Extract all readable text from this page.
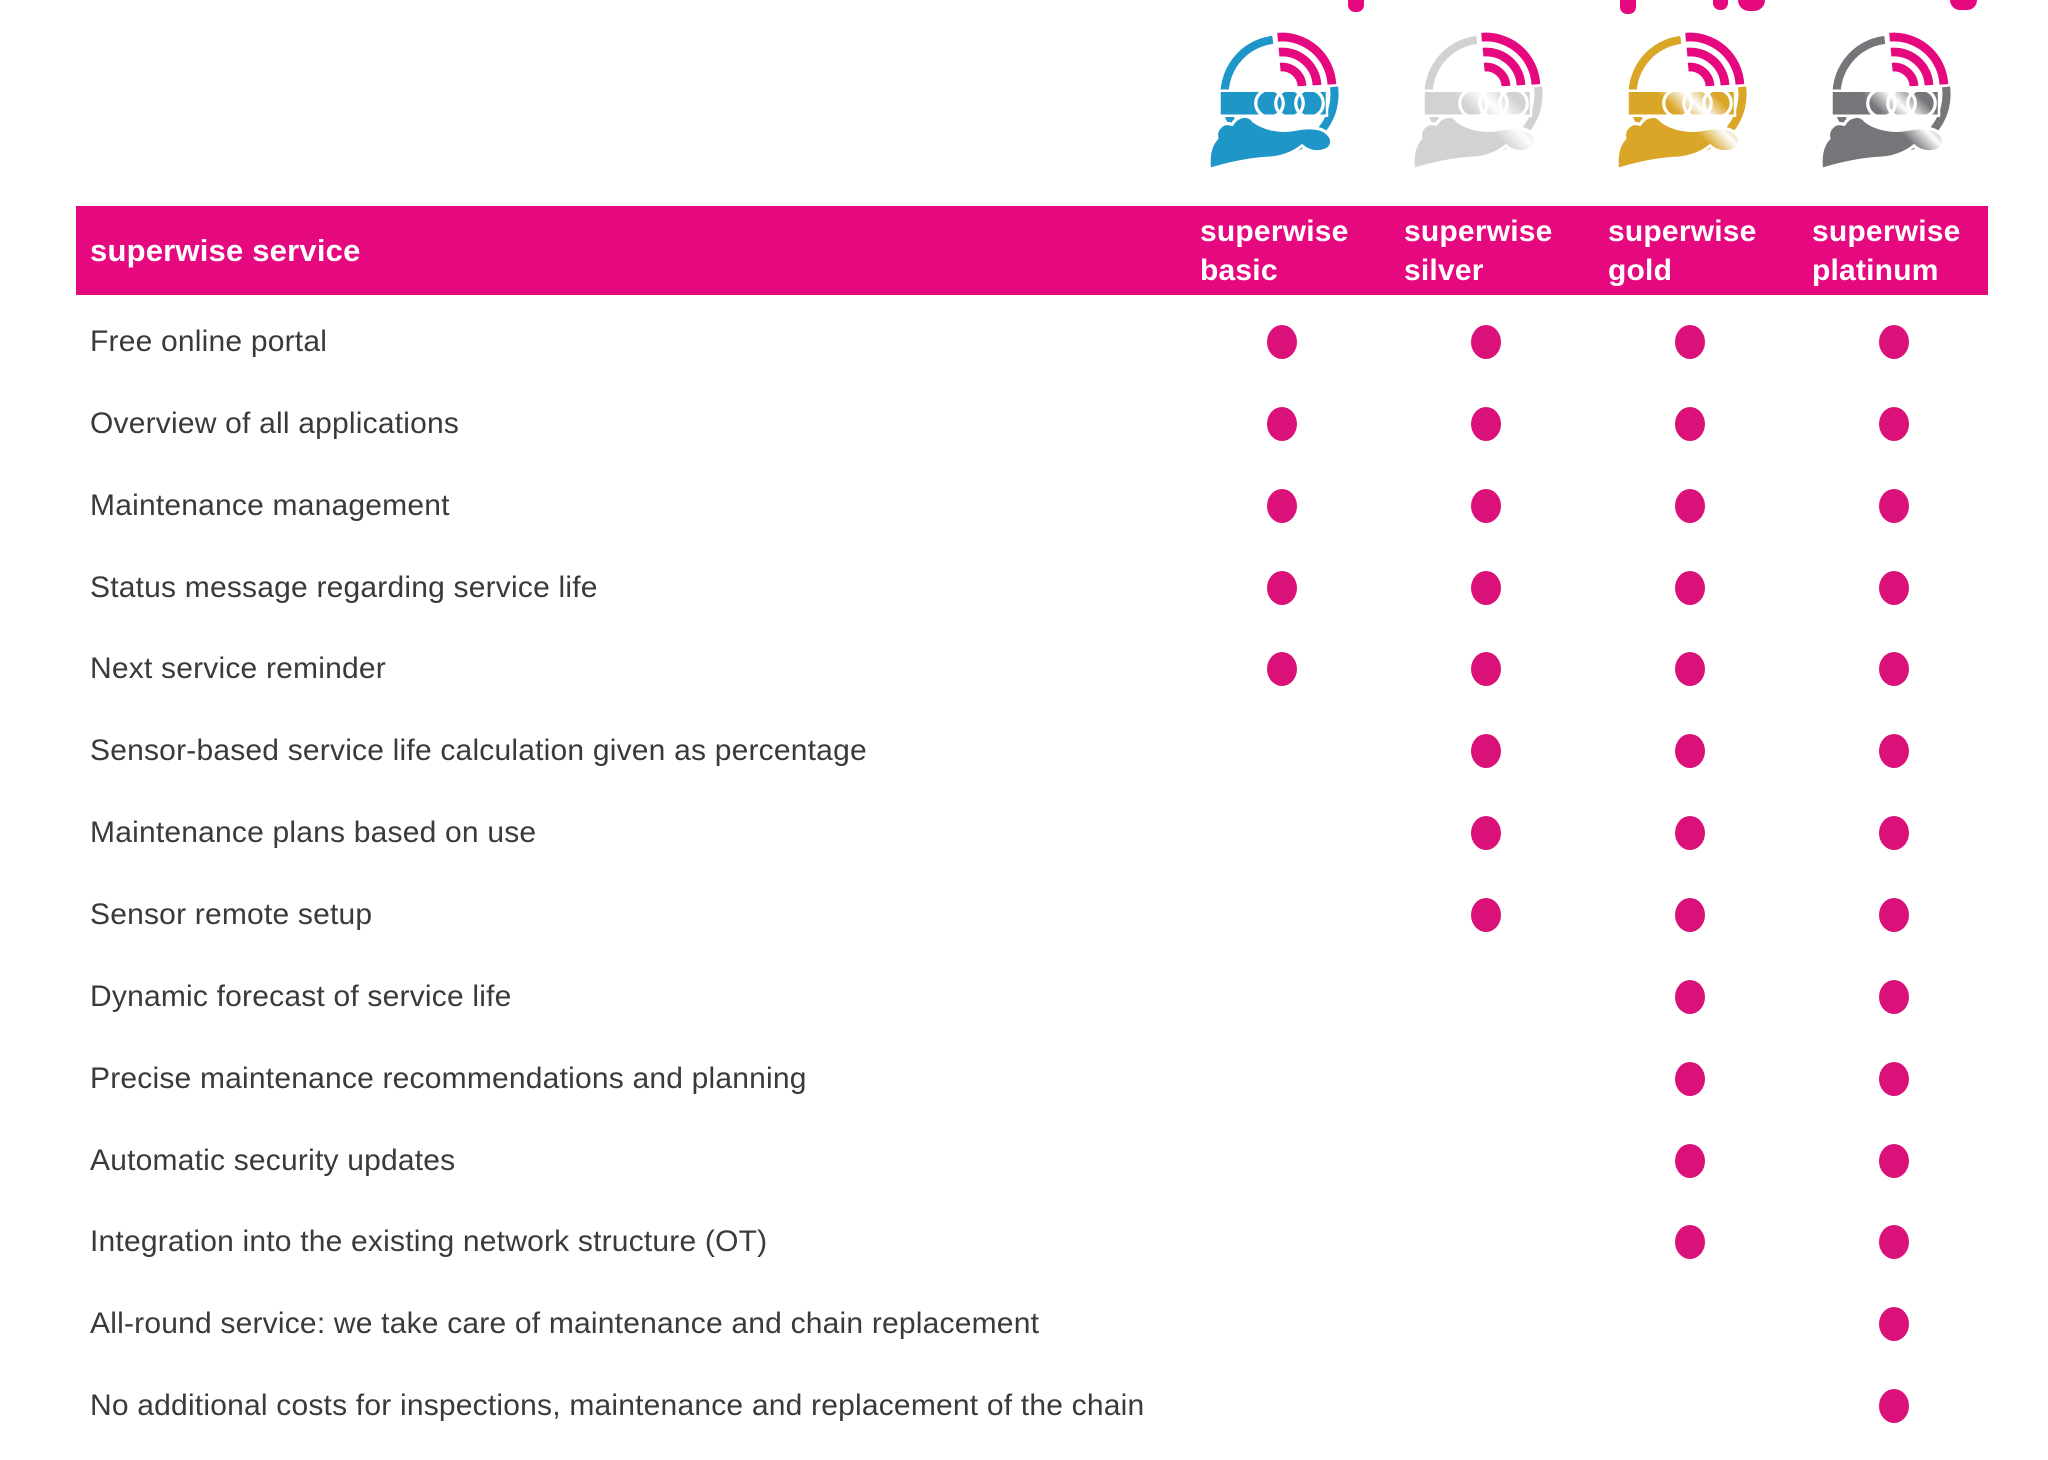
superwise service
superwise
basic
superwise
silver
superwise
gold
superwise
platinum
Free online portal
Overview of all applications
Maintenance management
Status message regarding service life
Next service reminder
Sensor-based service life calculation given as percentage
Maintenance plans based on use
Sensor remote setup
Dynamic forecast of service life
Precise maintenance recommendations and planning
Automatic security updates
Integration into the existing network structure (OT)
All-round service: we take care of maintenance and chain replacement
No additional costs for inspections, maintenance and replacement of the chain
